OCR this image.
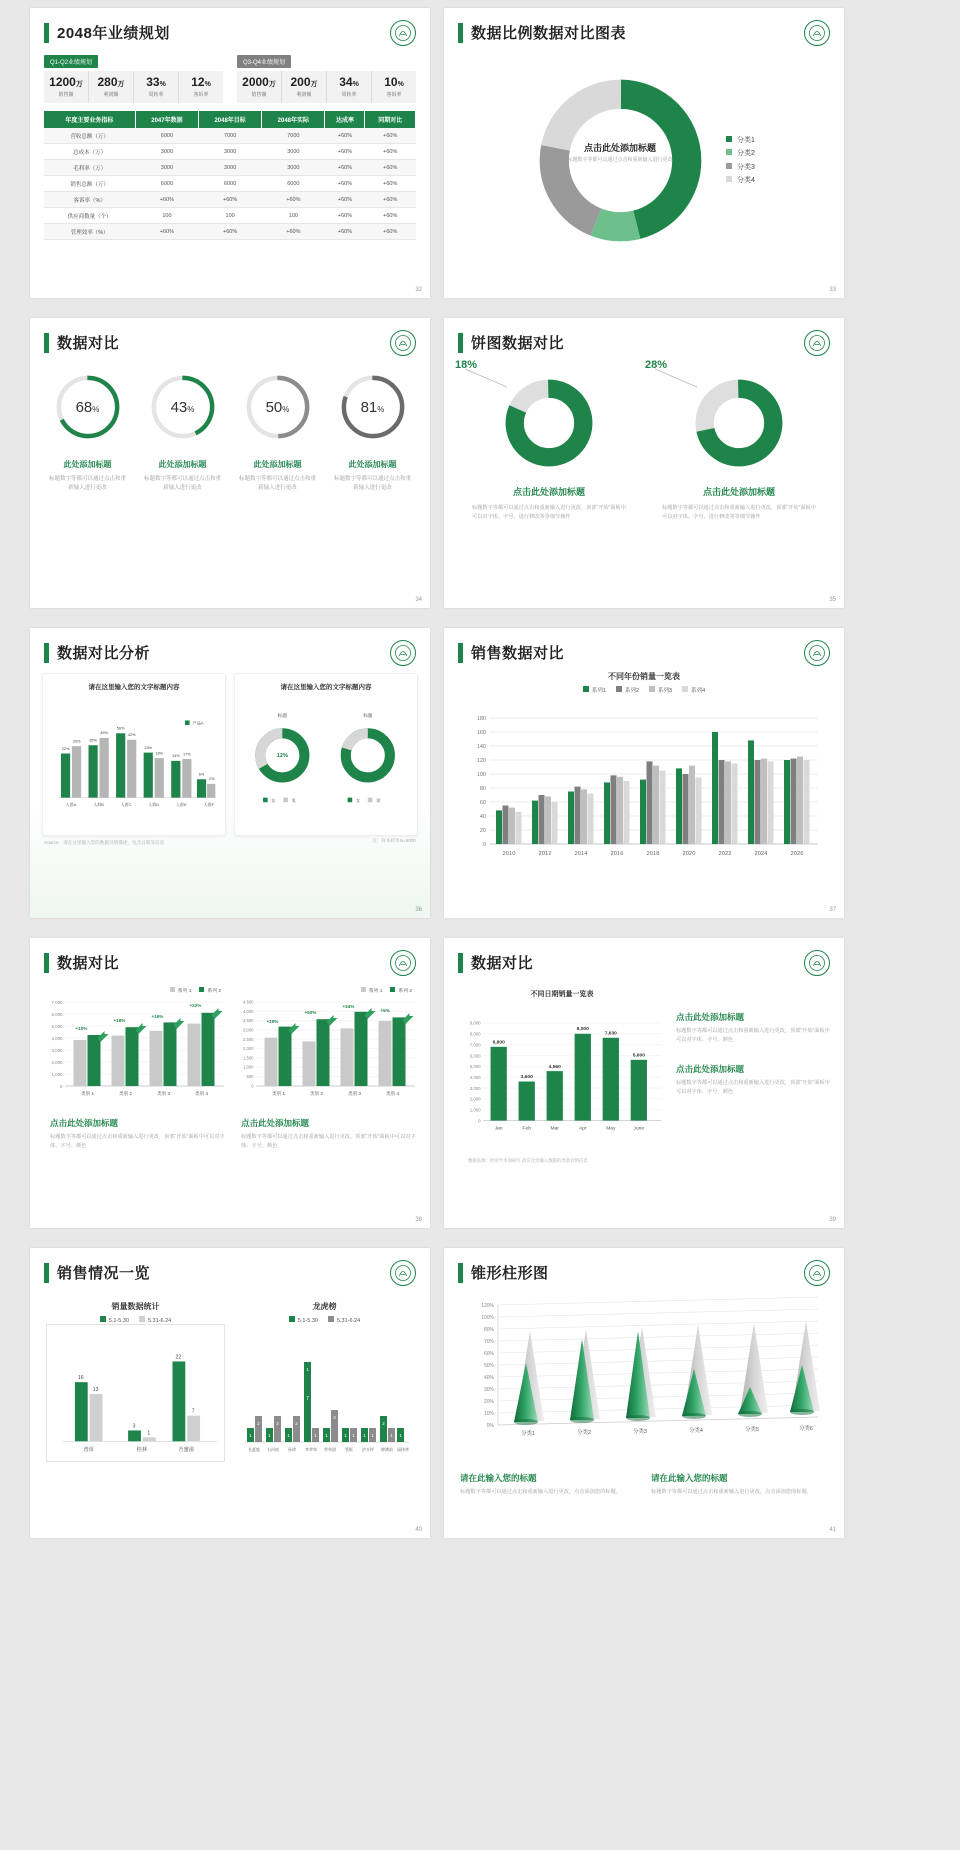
2048年业绩规划
Q1-Q2业绩规划
1200万
销售额
280万
利润额
33%
周转率
12%
客诉率
Q3-Q4业绩规划
2000万
销售额
200万
利润额
34%
周转率
10%
客诉率
年度主要业务指标	2047年数据	2048年目标	2048年实际	达成率	同期对比
营收总额（万）	6000	7000	7000	+60%	+60%
总成本（万）	3000	3000	3000	+60%	+60%
毛利率（万）	3000	3000	3000	+60%	+60%
销售总额（万）	6000	6000	6000	+60%	+60%
客诉率（%）	+60%	+60%	+60%	+60%	+60%
供应商数量（个）	100	100	100	+60%	+60%
管理效率（%）	+60%	+60%	+60%	+60%	+60%
32
数据比例数据对比图表
点击此处添加标题
标题数字等都可以通过点击和重新输入进行更改
分类1
分类2
分类3
分类4
33
数据对比
68%
此处添加标题
标题数字等都可以通过点击和重新输入进行更改
43%
此处添加标题
标题数字等都可以通过点击和重新输入进行更改
50%
此处添加标题
标题数字等都可以通过点击和重新输入进行更改
81%
此处添加标题
标题数字等都可以通过点击和重新输入进行更改
34
饼图数据对比
18%
点击此处添加标题
标题数字等都可以通过点击和重新输入进行更改，顶部“开始”面板中可以对字体、字号、进行修改等等细节操作
28%
点击此处添加标题
标题数字等都可以通过点击和重新输入进行更改，顶部“开始”面板中可以对字体、字号、进行修改等等细节操作
35
数据对比分析
请在这里输入您的文字标题内容
22%
33% 35%
49%
56%
42%
23%
18%
14% 17%
6%
2%
人群A	人群B	人群C	人群D	人群E	人群F
产品A
请在这里输入您的文字标题内容
标题	标题
12%	34%
女	男	女	男
Source：请在这里输入您的数据详情描述，包含日期等信息	注：样本样本N=9000
36
销售数据对比
不同年份销量一览表
系列1	系列2	系列3	系列4
180
160
140
120
100
80
60
40
20
0
2010	2012	2014	2016	2018	2020	2022	2024	2026
37
数据对比
系列 1	系列 2
7,000
6,000
5,000
4,000
3,000
2,000
1,000
0
+10%
+18%
+16%
+22%
类别 1	类别 2	类别 3	类别 4
点击此处添加标题
标题数字等都可以通过点击和重新输入进行更改，顶部“开始”面板中可以对字体、字号、颜色
系列 1	系列 2
4,500
4,000
3,500
3,000
2,500
2,000
1,500
1,000
500
0
+25%
+50%
+34%
+5%
类别 1	类别 2	类别 3	类别 4
点击此处添加标题
标题数字等都可以通过点击和重新输入进行更改，顶部“开始”面板中可以对字体、字号、颜色
38
数据对比
不同日期销量一览表
9,000
8,000
7,000
6,000
5,000
4,000
3,000
2,000
1,000
0
6,800
3,600
4,560
8,000
7,630
5,600
Jan	Feb	Mar	Apr	May	June
数据来源：经济学术领研究 请在这里输入数据的类别详情信息
点击此处添加标题
标题数字等都可以通过点击和重新输入进行更改，顶部“开始”面板中可以对字体、字号、颜色
点击此处添加标题
标题数字等都可以通过点击和重新输入进行更改，顶部“开始”面板中可以对字体、字号、颜色
39
销售情况一览
销量数据统计
5.1-5.30	5.31-6.24
16
13
3
1
22
7
普洱	桂林	吾蜜滋
龙虎榜
5.1-5.30	5.31-6.24
1
2
1
2
1
2
1
1 1
3
1 1 1 1
2
1 1
7
长夏庭 右河南 孙珍 李苹草 苹草团 管框 泸半坪 钟潭前 园伟华
40
锥形柱形图
120%
100%
80%
70%
60%
50%
40%
30%
20%
10%
0%
分类1	分类2	分类3	分类4	分类5	分类6
请在此输入您的标题
标题数字等都可以通过点击和重新输入进行更改，点击添加您的标题。
请在此输入您的标题
标题数字等都可以通过点击和重新输入进行更改，点击添加您的标题。
41
